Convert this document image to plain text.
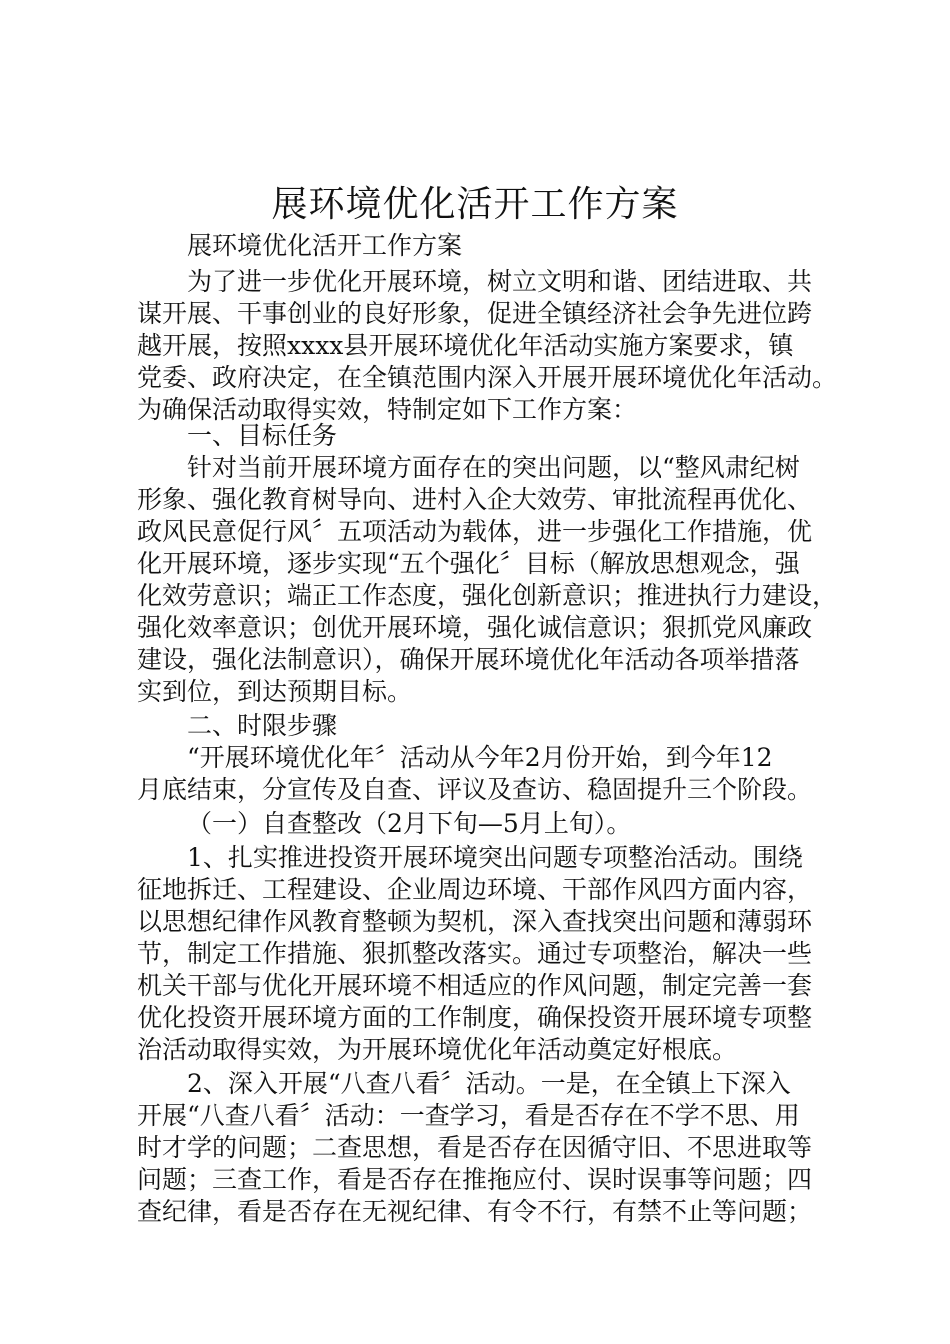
展环境优化活开工作方案

展环境优化活开工作方案

为了进一步优化开展环境，树立文明和谐、团结进取、共

谋开展、干事创业的良好形象，促进全镇经济社会争先进位跨

越开展，按照xxxx县开展环境优化年活动实施方案要求，镇

党委、政府决定，在全镇范围内深入开展开展环境优化年活动。

为确保活动取得实效，特制定如下工作方案：

一、目标任务

针对当前开展环境方面存在的突出问题，以“整风肃纪树

形象、强化教育树导向、进村入企大效劳、审批流程再优化、

政风民意促行风〞五项活动为载体，进一步强化工作措施，优

化开展环境，逐步实现“五个强化〞目标（解放思想观念，强

化效劳意识；端正工作态度，强化创新意识；推进执行力建设，

强化效率意识；创优开展环境，强化诚信意识；狠抓党风廉政

建设，强化法制意识），确保开展环境优化年活动各项举措落

实到位，到达预期目标。

二、时限步骤

“开展环境优化年〞活动从今年2月份开始，到今年12

月底结束，分宣传及自查、评议及查访、稳固提升三个阶段。

（一）自查整改（2月下旬—5月上旬）。

1、扎实推进投资开展环境突出问题专项整治活动。围绕

征地拆迁、工程建设、企业周边环境、干部作风四方面内容，

以思想纪律作风教育整顿为契机，深入查找突出问题和薄弱环

节，制定工作措施、狠抓整改落实。通过专项整治，解决一些

机关干部与优化开展环境不相适应的作风问题，制定完善一套

优化投资开展环境方面的工作制度，确保投资开展环境专项整

治活动取得实效，为开展环境优化年活动奠定好根底。

2、深入开展“八查八看〞活动。一是，在全镇上下深入

开展“八查八看〞活动：一查学习，看是否存在不学不思、用

时才学的问题；二查思想，看是否存在因循守旧、不思进取等

问题；三查工作，看是否存在推拖应付、误时误事等问题；四

查纪律，看是否存在无视纪律、有令不行，有禁不止等问题；
